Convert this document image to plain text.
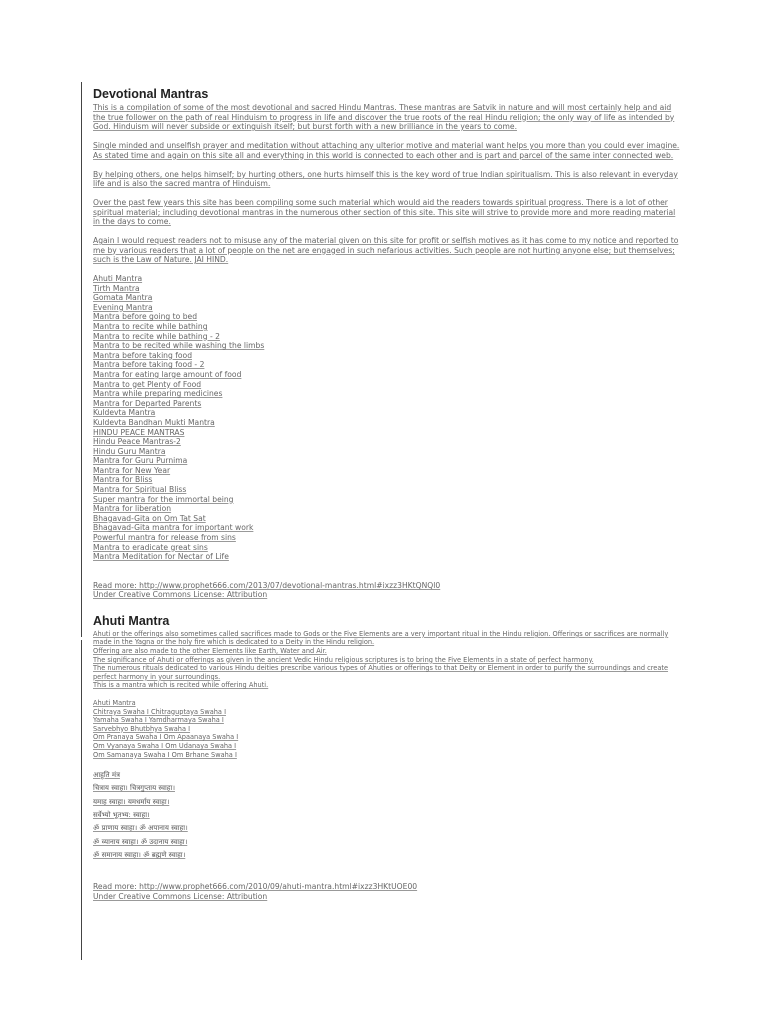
Devotional Mantras

This is a compilation of some of the most devotional and sacred Hindu Mantras. These mantras are Satvik in nature and will most certainly help and aid the true follower on the path of real Hinduism to progress in life and discover the true roots of the real Hindu religion; the only way of life as intended by God. Hinduism will never subside or extinguish itself; but burst forth with a new brilliance in the years to come.

Single minded and unselfish prayer and meditation without attaching any ulterior motive and material want helps you more than you could ever imagine. As stated time and again on this site all and everything in this world is connected to each other and is part and parcel of the same inter connected web.

By helping others, one helps himself; by hurting others, one hurts himself this is the key word of true Indian spiritualism. This is also relevant in everyday life and is also the sacred mantra of Hinduism.

Over the past few years this site has been compiling some such material which would aid the readers towards spiritual progress. There is a lot of other spiritual material; including devotional mantras in the numerous other section of this site. This site will strive to provide more and more reading material in the days to come.

Again I would request readers not to misuse any of the material given on this site for profit or selfish motives as it has come to my notice and reported to me by various readers that a lot of people on the net are engaged in such nefarious activities. Such people are not hurting anyone else; but themselves; such is the Law of Nature. JAI HIND.

Ahuti Mantra
Tirth Mantra
Gomata Mantra
Evening Mantra
Mantra before going to bed
Mantra to recite while bathing
Mantra to recite while bathing - 2
Mantra to be recited while washing the limbs
Mantra before taking food
Mantra before taking food - 2
Mantra for eating large amount of food
Mantra to get Plenty of Food
Mantra while preparing medicines
Mantra for Departed Parents
Kuldevta Mantra
Kuldevta Bandhan Mukti Mantra
HINDU PEACE MANTRAS
Hindu Peace Mantras-2
Hindu Guru Mantra
Mantra for Guru Purnima
Mantra for New Year
Mantra for Bliss
Mantra for Spiritual Bliss
Super mantra for the immortal being
Mantra for liberation
Bhagavad-Gita on Om Tat Sat
Bhagavad-Gita mantra for important work
Powerful mantra for release from sins
Mantra to eradicate great sins
Mantra Meditation for Nectar of Life
Read more: http://www.prophet666.com/2013/07/devotional-mantras.html#ixzz3HKtQNQl0
Under Creative Commons License: Attribution
Ahuti Mantra

Ahuti or the offerings also sometimes called sacrifices made to Gods or the Five Elements are a very important ritual in the Hindu religion. Offerings or sacrifices are normally made in the Yagna or the holy fire which is dedicated to a Deity in the Hindu religion.

Offering are also made to the other Elements like Earth, Water and Air.

The significance of Ahuti or offerings as given in the ancient Vedic Hindu religious scriptures is to bring the Five Elements in a state of perfect harmony.

The numerous rituals dedicated to various Hindu deities prescribe various types of Ahuties or offerings to that Deity or Element in order to purify the surroundings and create perfect harmony in your surroundings.

This is a mantra which is recited while offering Ahuti.

Ahuti Mantra
Chitraya Swaha I Chitraguptaya Swaha I
Yamaha Swaha I Yamdharmaya Swaha I
Sarvebhyo Bhutbhya Swaha I
Om Pranaya Swaha I Om Apaanaya Swaha I
Om Vyanaya Swaha I Om Udanaya Swaha I
Om Samanaya Swaha I Om Brhane Swaha I
आहुति मंत्र
चित्राय स्वाहा। चित्रगुप्ताय स्वाहा।
यमाह स्वाहा। यमधर्माय स्वाहा।
सर्वेभ्यो भूतभ्य: स्वाहा।
ॐ प्राणाय स्वाहा। ॐ अपानाय स्वाहा।
ॐ व्यानाय स्वाहा। ॐ उदानाय स्वाहा।
ॐ समानाय स्वाहा। ॐ ब्रह्मणे स्वाहा।
Read more: http://www.prophet666.com/2010/09/ahuti-mantra.html#ixzz3HKtUOE00
Under Creative Commons License: Attribution
